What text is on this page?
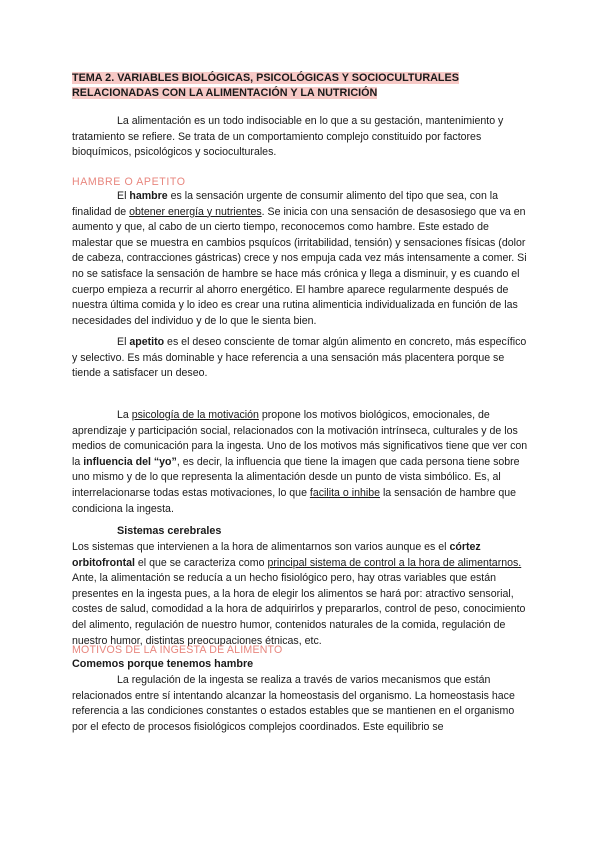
TEMA 2. VARIABLES BIOLÓGICAS, PSICOLÓGICAS Y SOCIOCULTURALES
RELACIONADAS CON LA ALIMENTACIÓN Y LA NUTRICIÓN

La alimentación es un todo indisociable en lo que a su gestación, mantenimiento y tratamiento se refiere. Se trata de un comportamiento complejo constituido por factores bioquímicos, psicológicos y socioculturales.

HAMBRE O APETITO

El hambre es la sensación urgente de consumir alimento del tipo que sea, con la finalidad de obtener energía y nutrientes. Se inicia con una sensación de desasosiego que va en aumento y que, al cabo de un cierto tiempo, reconocemos como hambre. Este estado de malestar que se muestra en cambios psquícos (irritabilidad, tensión) y sensaciones físicas (dolor de cabeza, contracciones gástricas) crece y nos empuja cada vez más intensamente a comer. Si no se satisface la sensación de hambre se hace más crónica y llega a disminuir, y es cuando el cuerpo empieza a recurrir al ahorro energético. El hambre aparece regularmente después de nuestra última comida y lo ideo es crear una rutina alimenticia individualizada en función de las necesidades del individuo y de lo que le sienta bien.

El apetito es el deseo consciente de tomar algún alimento en concreto, más específico y selectivo. Es más dominable y hace referencia a una sensación más placentera porque se tiende a satisfacer un deseo.

La psicología de la motivación propone los motivos biológicos, emocionales, de aprendizaje y participación social, relacionados con la motivación intrínseca, culturales y de los medios de comunicación para la ingesta. Uno de los motivos más significativos tiene que ver con la influencia del “yo”, es decir, la influencia que tiene la imagen que cada persona tiene sobre uno mismo y de lo que representa la alimentación desde un punto de vista simbólico. Es, al interrelacionarse todas estas motivaciones, lo que facilita o inhibe la sensación de hambre que condiciona la ingesta.

Sistemas cerebrales

Los sistemas que intervienen a la hora de alimentarnos son varios aunque es el córtez orbitofrontal el que se caracteriza como principal sistema de control a la hora de alimentarnos. Ante, la alimentación se reducía a un hecho fisiológico pero, hay otras variables que están presentes en la ingesta pues, a la hora de elegir los alimentos se hará por: atractivo sensorial, costes de salud, comodidad a la hora de adquirirlos y prepararlos, control de peso, conocimiento del alimento, regulación de nuestro humor, contenidos naturales de la comida, regulación de nuestro humor, distintas preocupaciones étnicas, etc.

MOTIVOS DE LA INGESTA DE ALIMENTO
Comemos porque tenemos hambre

La regulación de la ingesta se realiza a través de varios mecanismos que están relacionados entre sí intentando alcanzar la homeostasis del organismo. La homeostasis hace referencia a las condiciones constantes o estados estables que se mantienen en el organismo por el efecto de procesos fisiológicos complejos coordinados. Este equilibrio se
